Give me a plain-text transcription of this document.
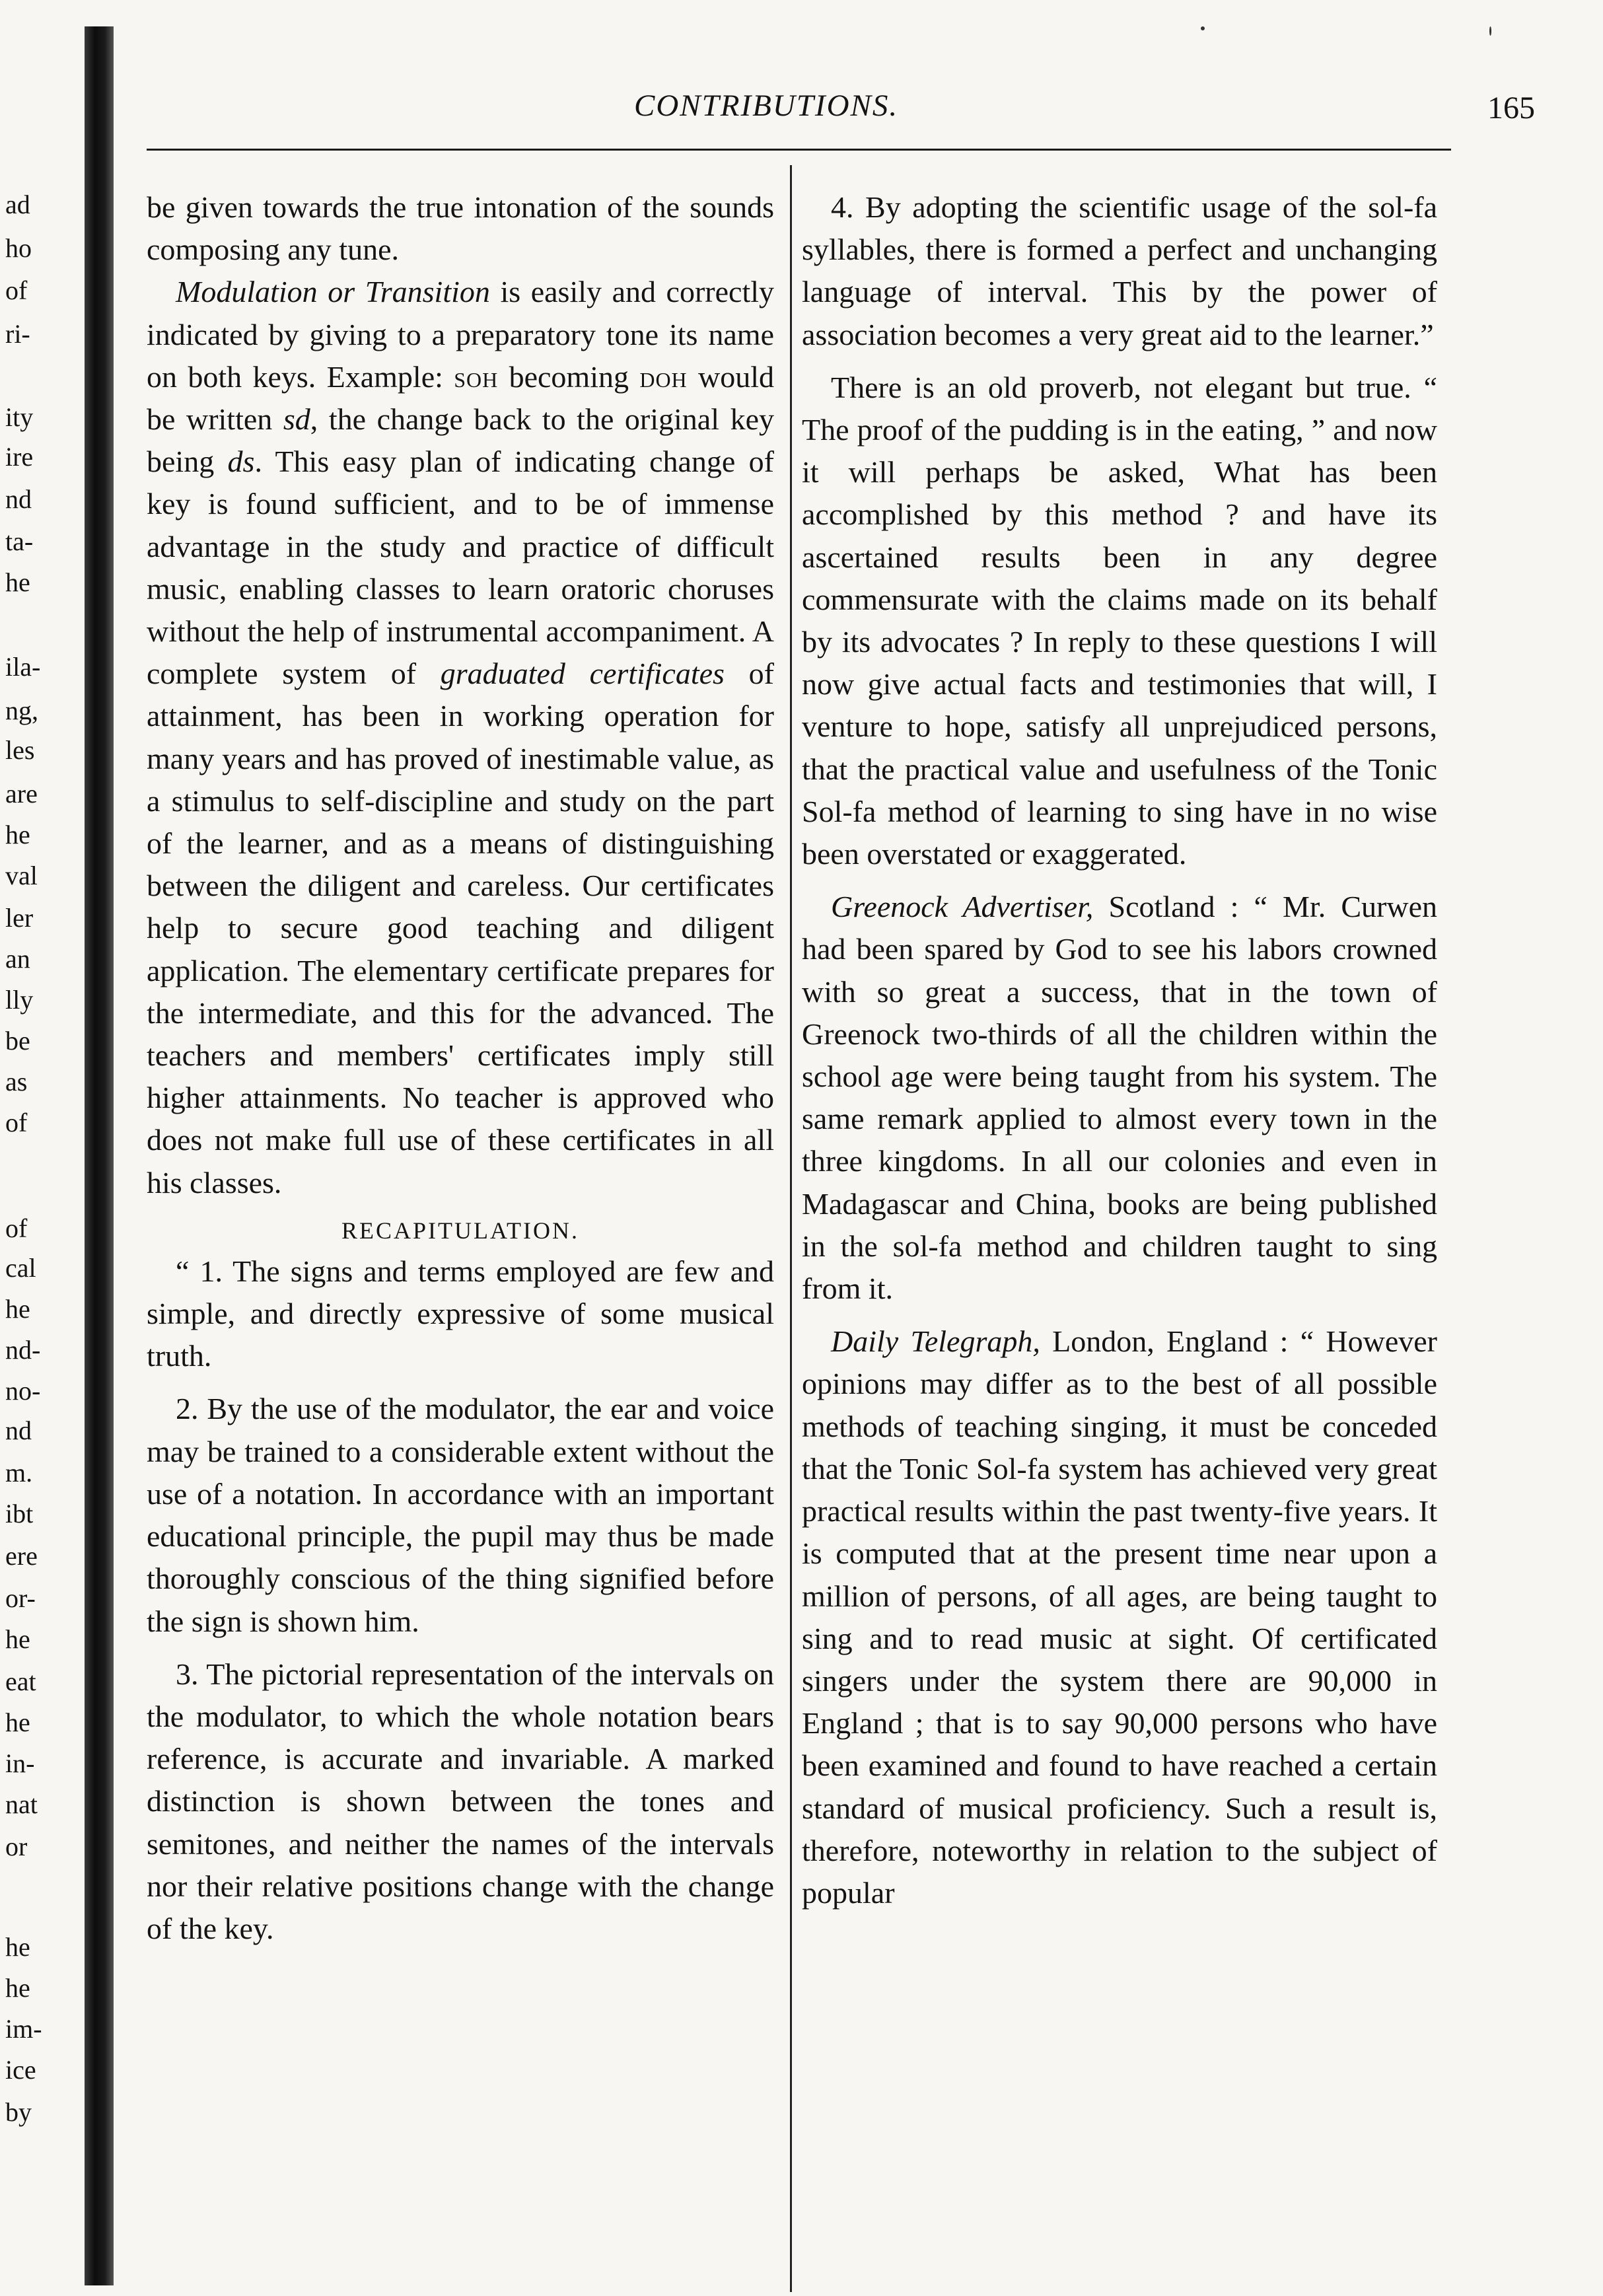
ad
ho
of
ri-
ity
ire
nd
ta-
he
ila-
ng,
les
are
he
val
ler
an
lly
be
as
of
of
cal
he
nd-
no-
nd
m.
ibt
ere
or-
he
eat
he
in-
nat
or
he
he
im-
ice
by
CONTRIBUTIONS.	165

be given towards the true intonation of the sounds composing any tune.

Modulation or Transition is easily and correctly indicated by giving to a preparatory tone its name on both keys. Example: soh becoming doh would be written sd, the change back to the original key being ds. This easy plan of indicating change of key is found sufficient, and to be of immense advantage in the study and practice of difficult music, enabling classes to learn oratoric choruses without the help of instrumental accompaniment. A complete system of graduated certificates of attainment, has been in working operation for many years and has proved of inestimable value, as a stimulus to self-discipline and study on the part of the learner, and as a means of distinguishing between the diligent and careless. Our certificates help to secure good teaching and diligent application. The elementary certificate prepares for the intermediate, and this for the advanced. The teachers and members' certificates imply still higher attainments. No teacher is approved who does not make full use of these certificates in all his classes.

RECAPITULATION.

“ 1. The signs and terms employed are few and simple, and directly expressive of some musical truth.

2. By the use of the modulator, the ear and voice may be trained to a considerable extent without the use of a notation. In accordance with an important educational principle, the pupil may thus be made thoroughly conscious of the thing signified before the sign is shown him.

3. The pictorial representation of the intervals on the modulator, to which the whole notation bears reference, is accurate and invariable. A marked distinction is shown between the tones and semitones, and neither the names of the intervals nor their relative positions change with the change of the key.

4. By adopting the scientific usage of the sol-fa syllables, there is formed a perfect and unchanging language of interval. This by the power of association becomes a very great aid to the learner.”

There is an old proverb, not elegant but true. “ The proof of the pudding is in the eating, ” and now it will perhaps be asked, What has been accomplished by this method ? and have its ascertained results been in any degree commensurate with the claims made on its behalf by its advocates ? In reply to these questions I will now give actual facts and testimonies that will, I venture to hope, satisfy all unprejudiced persons, that the practical value and usefulness of the Tonic Sol-fa method of learning to sing have in no wise been overstated or exaggerated.

Greenock Advertiser, Scotland : “ Mr. Curwen had been spared by God to see his labors crowned with so great a success, that in the town of Greenock two-thirds of all the children within the school age were being taught from his system. The same remark applied to almost every town in the three kingdoms. In all our colonies and even in Madagascar and China, books are being published in the sol-fa method and children taught to sing from it.

Daily Telegraph, London, England : “ However opinions may differ as to the best of all possible methods of teaching singing, it must be conceded that the Tonic Sol-fa system has achieved very great practical results within the past twenty-five years. It is computed that at the present time near upon a million of persons, of all ages, are being taught to sing and to read music at sight. Of certificated singers under the system there are 90,000 in England ; that is to say 90,000 persons who have been examined and found to have reached a certain standard of musical proficiency. Such a result is, therefore, noteworthy in relation to the subject of popular
